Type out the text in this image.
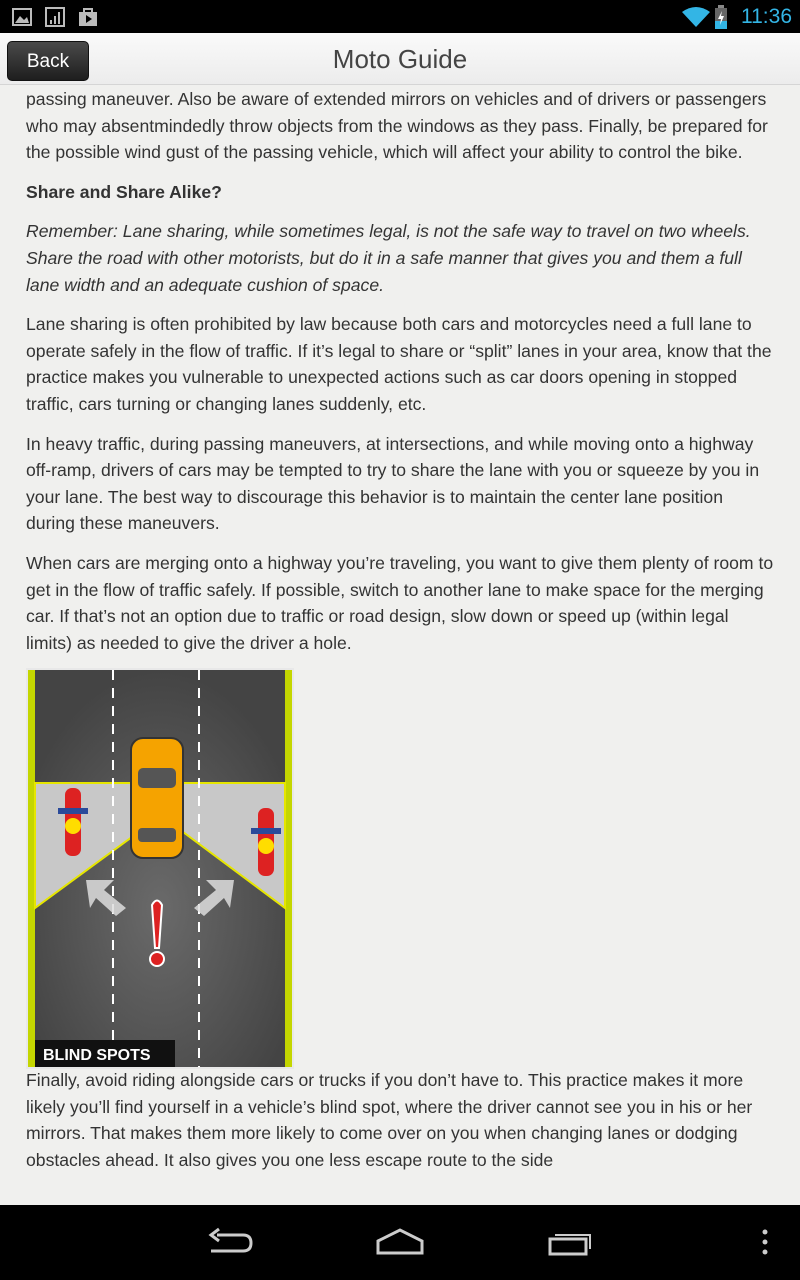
11:36
Back	Moto Guide

passing maneuver. Also be aware of extended mirrors on vehicles and of drivers or passengers who may absentmindedly throw objects from the windows as they pass. Finally, be prepared for the possible wind gust of the passing vehicle, which will affect your ability to control the bike.

Share and Share Alike?

Remember: Lane sharing, while sometimes legal, is not the safe way to travel on two wheels. Share the road with other motorists, but do it in a safe manner that gives you and them a full lane width and an adequate cushion of space.

Lane sharing is often prohibited by law because both cars and motorcycles need a full lane to operate safely in the flow of traffic. If it’s legal to share or “split” lanes in your area, know that the practice makes you vulnerable to unexpected actions such as car doors opening in stopped traffic, cars turning or changing lanes suddenly, etc.

In heavy traffic, during passing maneuvers, at intersections, and while moving onto a highway off-ramp, drivers of cars may be tempted to try to share the lane with you or squeeze by you in your lane. The best way to discourage this behavior is to maintain the center lane position during these maneuvers.

When cars are merging onto a highway you’re traveling, you want to give them plenty of room to get in the flow of traffic safely. If possible, switch to another lane to make space for the merging car. If that’s not an option due to traffic or road design, slow down or speed up (within legal limits) as needed to give the driver a hole.

BLIND SPOTS

Finally, avoid riding alongside cars or trucks if you don’t have to. This practice makes it more likely you’ll find yourself in a vehicle’s blind spot, where the driver cannot see you in his or her mirrors. That makes them more likely to come over on you when changing lanes or dodging obstacles ahead. It also gives you one less escape route to the side
